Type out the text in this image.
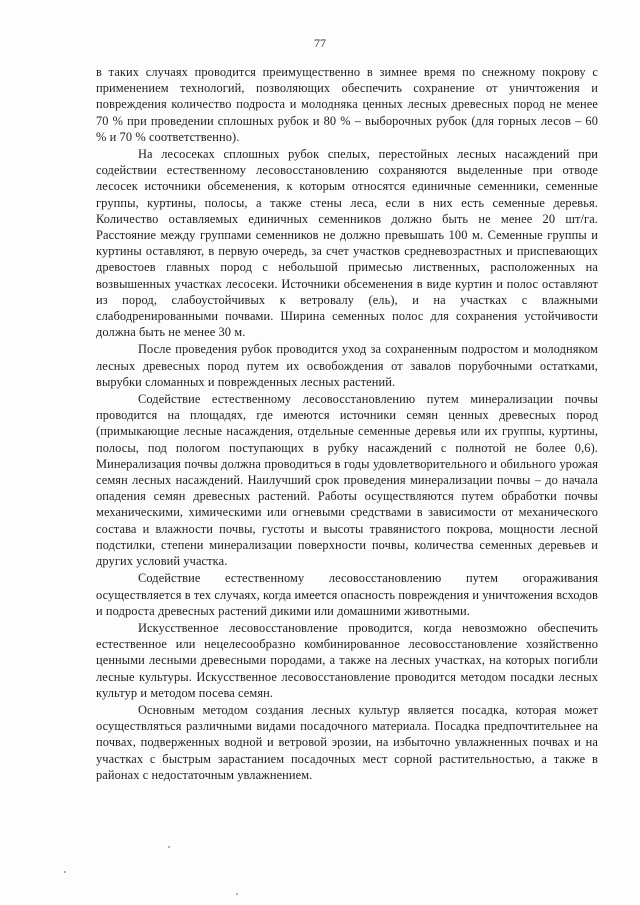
77

в таких случаях проводится преимущественно в зимнее время по снежному покрову с применением технологий, позволяющих обеспечить сохранение от уничтожения и повреждения количество подроста и молодняка ценных лесных древесных пород не менее 70 % при проведении сплошных рубок и 80 % – выборочных рубок (для горных лесов – 60 % и 70 % соответственно).

На лесосеках сплошных рубок спелых, перестойных лесных насаждений при содействии естественному лесовосстановлению сохраняются выделенные при отводе лесосек источники обсеменения, к которым относятся единичные семенники, семенные группы, куртины, полосы, а также стены леса, если в них есть семенные деревья. Количество оставляемых единичных семенников должно быть не менее 20 шт/га. Расстояние между группами семенников не должно превышать 100 м. Семенные группы и куртины оставляют, в первую очередь, за счет участков средневозрастных и приспевающих древостоев главных пород с небольшой примесью лиственных, расположенных на возвышенных участках лесосеки. Источники обсеменения в виде куртин и полос оставляют из пород, слабоустойчивых к ветровалу (ель), и на участках с влажными слабодренированными почвами. Ширина семенных полос для сохранения устойчивости должна быть не менее 30 м.

После проведения рубок проводится уход за сохраненным подростом и молодняком лесных древесных пород путем их освобождения от завалов порубочными остатками, вырубки сломанных и поврежденных лесных растений.

Содействие естественному лесовосстановлению путем минерализации почвы проводится на площадях, где имеются источники семян ценных древесных пород (примыкающие лесные насаждения, отдельные семенные деревья или их группы, куртины, полосы, под пологом поступающих в рубку насаждений с полнотой не более 0,6). Минерализация почвы должна проводиться в годы удовлетворительного и обильного урожая семян лесных насаждений. Наилучший срок проведения минерализации почвы – до начала опадения семян древесных растений. Работы осуществляются путем обработки почвы механическими, химическими или огневыми средствами в зависимости от механического состава и влажности почвы, густоты и высоты травянистого покрова, мощности лесной подстилки, степени минерализации поверхности почвы, количества семенных деревьев и других условий участка.

Содействие естественному лесовосстановлению путем огораживания осуществляется в тех случаях, когда имеется опасность повреждения и уничтожения всходов и подроста древесных растений дикими или домашними животными.

Искусственное лесовосстановление проводится, когда невозможно обеспечить естественное или нецелесообразно комбинированное лесовосстановление хозяйственно ценными лесными древесными породами, а также на лесных участках, на которых погибли лесные культуры. Искусственное лесовосстановление проводится методом посадки лесных культур и методом посева семян.

Основным методом создания лесных культур является посадка, которая может осуществляться различными видами посадочного материала. Посадка предпочтительнее на почвах, подверженных водной и ветровой эрозии, на избыточно увлажненных почвах и на участках с быстрым зарастанием посадочных мест сорной растительностью, а также в районах с недостаточным увлажнением.
